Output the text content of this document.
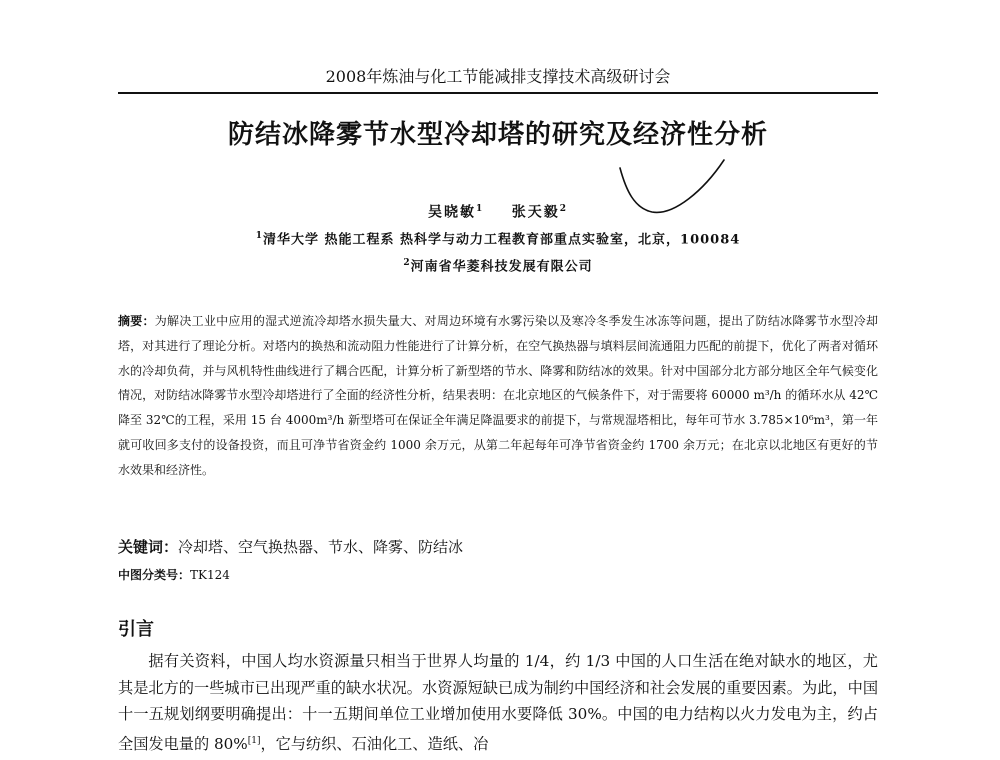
2008年炼油与化工节能减排支撑技术高级研讨会
防结冰降雾节水型冷却塔的研究及经济性分析
吴晓敏$^1$ 张天毅$^2$
$^1$清华大学 热能工程系 热科学与动力工程教育部重点实验室，北京，100084
$^2$河南省华菱科技发展有限公司
摘要：为解决工业中应用的湿式逆流冷却塔水损失量大、对周边环境有水雾污染以及寒冷冬季发生冰冻等问题，提出了防结冰降雾节水型冷却塔，对其进行了理论分析。对塔内的换热和流动阻力性能进行了计算分析，在空气换热器与填料层间流通阻力匹配的前提下，优化了两者对循环水的冷却负荷，并与风机特性曲线进行了耦合匹配，计算分析了新型塔的节水、降雾和防结冰的效果。针对中国部分北方部分地区全年气候变化情况，对防结冰降雾节水型冷却塔进行了全面的经济性分析，结果表明：在北京地区的气候条件下，对于需要将 60000 m³/h 的循环水从 42℃降至 32℃的工程，采用 15 台 4000m³/h 新型塔可在保证全年满足降温要求的前提下，与常规湿塔相比，每年可节水 3.785×10⁶m³，第一年就可收回多支付的设备投资，而且可净节省资金约 1000 余万元，从第二年起每年可净节省资金约 1700 余万元；在北京以北地区有更好的节水效果和经济性。
关键词：冷却塔、空气换热器、节水、降雾、防结冰
中图分类号：TK124
引言
据有关资料，中国人均水资源量只相当于世界人均量的 1/4，约 1/3 中国的人口生活在绝对缺水的地区，尤其是北方的一些城市已出现严重的缺水状况。水资源短缺已成为制约中国经济和社会发展的重要因素。为此，中国十一五规划纲要明确提出：十一五期间单位工业增加使用水要降低 30%。中国的电力结构以火力发电为主，约占全国发电量的 80%[1]，它与纺织、石油化工、造纸、冶
